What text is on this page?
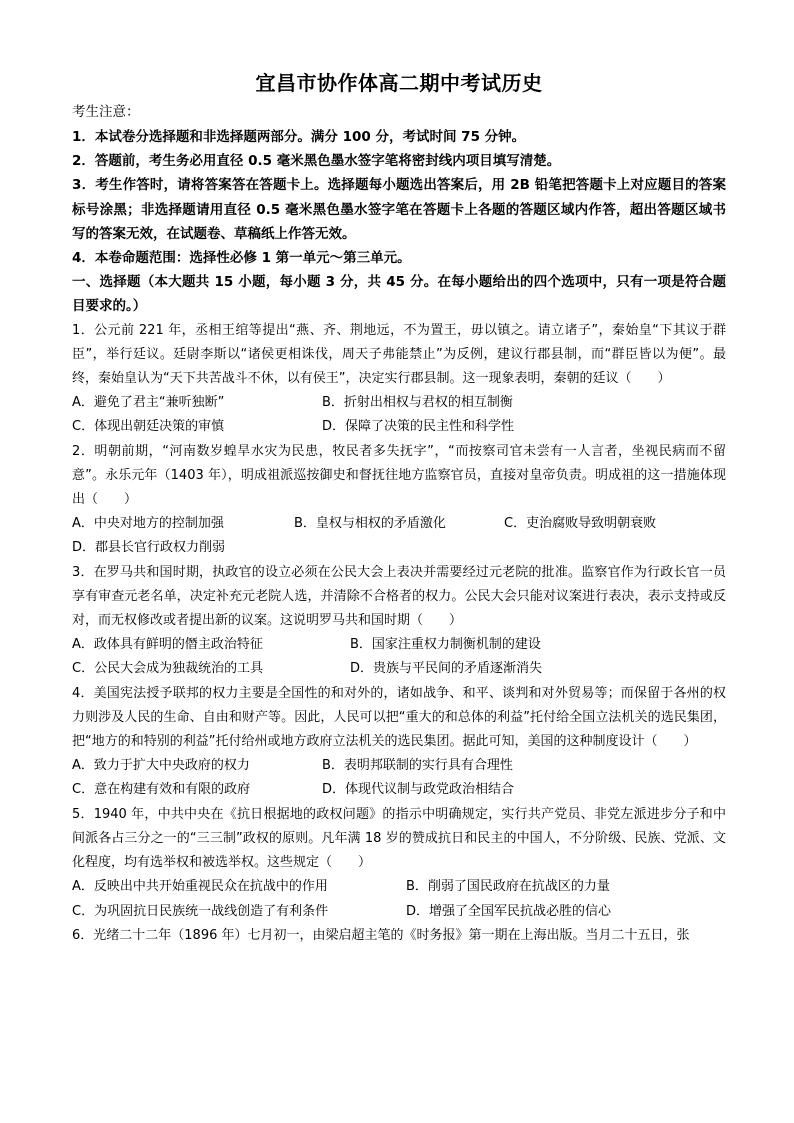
宜昌市协作体高二期中考试历史
考生注意：
1．本试卷分选择题和非选择题两部分。满分 100 分，考试时间 75 分钟。
2．答题前，考生务必用直径 0.5 毫米黑色墨水签字笔将密封线内项目填写清楚。
3．考生作答时，请将答案答在答题卡上。选择题每小题选出答案后，用 2B 铅笔把答题卡上对应题目的答案标号涂黑；非选择题请用直径 0.5 毫米黑色墨水签字笔在答题卡上各题的答题区域内作答，超出答题区域书写的答案无效，在试题卷、草稿纸上作答无效。
4．本卷命题范围：选择性必修 1 第一单元～第三单元。
一、选择题（本大题共 15 小题，每小题 3 分，共 45 分。在每小题给出的四个选项中，只有一项是符合题目要求的。）
1．公元前 221 年，丞相王绾等提出“燕、齐、荆地远，不为置王，毋以镇之。请立诸子”，秦始皇“下其议于群臣”，举行廷议。廷尉李斯以“诸侯更相诛伐，周天子弗能禁止”为反例，建议行郡县制，而“群臣皆以为便”。最终，秦始皇认为“天下共苦战斗不休，以有侯王”，决定实行郡县制。这一现象表明，秦朝的廷议（　　）
A．避免了君主“兼听独断”	B．折射出相权与君权的相互制衡
C．体现出朝廷决策的审慎	D．保障了决策的民主性和科学性
2．明朝前期，“河南数岁蝗旱水灾为民患，牧民者多失抚字”，“而按察司官未尝有一人言者，坐视民病而不留意”。永乐元年（1403 年），明成祖派巡按御史和督抚往地方监察官员，直接对皇帝负责。明成祖的这一措施体现出（　　）
A．中央对地方的控制加强	B．皇权与相权的矛盾激化	C．吏治腐败导致明朝衰败
D．郡县长官行政权力削弱
3．在罗马共和国时期，执政官的设立必须在公民大会上表决并需要经过元老院的批准。监察官作为行政长官一员享有审查元老名单，决定补充元老院人选，并清除不合格者的权力。公民大会只能对议案进行表决，表示支持或反对，而无权修改或者提出新的议案。这说明罗马共和国时期（　　）
A．政体具有鲜明的僭主政治特征	B．国家注重权力制衡机制的建设
C．公民大会成为独裁统治的工具	D．贵族与平民间的矛盾逐渐消失
4．美国宪法授予联邦的权力主要是全国性的和对外的，诸如战争、和平、谈判和对外贸易等；而保留于各州的权力则涉及人民的生命、自由和财产等。因此，人民可以把“重大的和总体的利益”托付给全国立法机关的选民集团，把“地方的和特别的利益”托付给州或地方政府立法机关的选民集团。据此可知，美国的这种制度设计（　　）
A．致力于扩大中央政府的权力	B．表明邦联制的实行具有合理性
C．意在构建有效和有限的政府	D．体现代议制与政党政治相结合
5．1940 年，中共中央在《抗日根据地的政权问题》的指示中明确规定，实行共产党员、非党左派进步分子和中间派各占三分之一的“三三制”政权的原则。凡年满 18 岁的赞成抗日和民主的中国人，不分阶级、民族、党派、文化程度，均有选举权和被选举权。这些规定（　　）
A．反映出中共开始重视民众在抗战中的作用	B．削弱了国民政府在抗战区的力量
C．为巩固抗日民族统一战线创造了有利条件	D．增强了全国军民抗战必胜的信心
6．光绪二十二年（1896 年）七月初一，由梁启超主笔的《时务报》第一期在上海出版。当月二十五日，张
